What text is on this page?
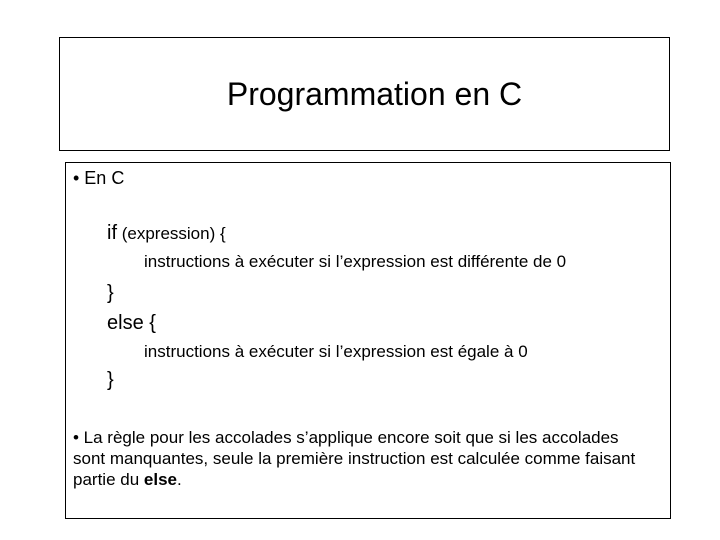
Programmation en C
• En C
if (expression) {
instructions à exécuter si l’expression est différente de 0
}
else {
instructions à exécuter si l’expression est égale à 0
}
• La règle pour les accolades s’applique encore soit que si les accolades sont manquantes, seule la première instruction est calculée comme faisant partie du else.
